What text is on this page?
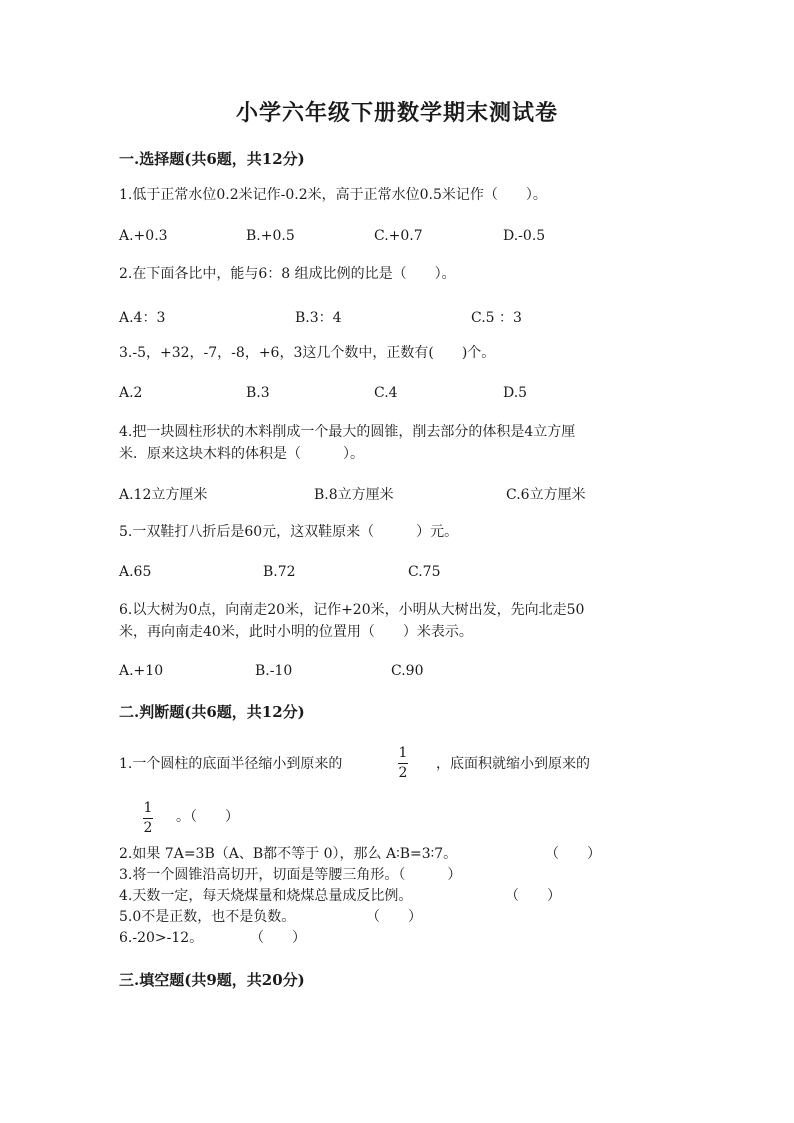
小学六年级下册数学期末测试卷
一.选择题(共6题，共12分)
1.低于正常水位0.2米记作-0.2米，高于正常水位0.5米记作（　　）。
A.+0.3	B.+0.5	C.+0.7	D.-0.5
2.在下面各比中，能与6：8 组成比例的比是（　　）。
A.4：3	B.3：4	C.5 ：3
3.-5，+32，-7，-8，+6，3这几个数中，正数有(　　)个。
A.2	B.3	C.4	D.5
4.把一块圆柱形状的木料削成一个最大的圆锥，削去部分的体积是4立方厘
米．原来这块木料的体积是（　　　）。
A.12立方厘米	B.8立方厘米	C.6立方厘米
5.一双鞋打八折后是60元，这双鞋原来（　　　）元。
A.65	B.72	C.75
6.以大树为0点，向南走20米，记作+20米，小明从大树出发，先向北走50
米，再向南走40米，此时小明的位置用（　　）米表示。
A.+10	B.-10	C.90
二.判断题(共6题，共12分)
1.一个圆柱的底面半径缩小到原来的
1
2
，底面积就缩小到原来的
1
2
。（　　）
2.如果 7A=3B（A、B都不等于 0），那么 A∶B=3∶7。	（　　）
3.将一个圆锥沿高切开，切面是等腰三角形。（　　　）
4.天数一定，每天烧煤量和烧煤总量成反比例。	（　　）
5.0不是正数，也不是负数。	（　　）
6.-20>-12。	（　　）
三.填空题(共9题，共20分)
